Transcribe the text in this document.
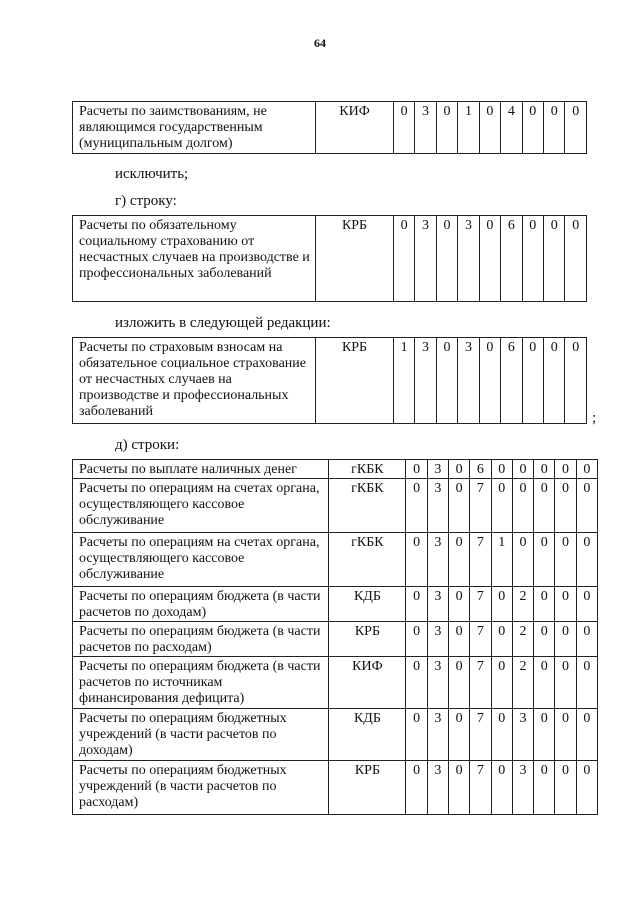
64
Расчеты по заимствованиям, не являющимся государственным (муниципальным долгом)	КИФ	0	3	0	1	0	4	0	0	0
исключить;
г) строку:
Расчеты по обязательному социальному страхованию от несчастных случаев на производстве и профессиональных заболеваний	КРБ	0	3	0	3	0	6	0	0	0
изложить в следующей редакции:
Расчеты по страховым взносам на обязательное социальное страхование от несчастных случаев на производстве и профессиональных заболеваний	КРБ	1	3	0	3	0	6	0	0	0
;
д) строки:
Расчеты по выплате наличных денег	гКБК	0	3	0	6	0	0	0	0	0
Расчеты по операциям на счетах органа, осуществляющего кассовое обслуживание	гКБК	0	3	0	7	0	0	0	0	0
Расчеты по операциям на счетах органа, осуществляющего кассовое обслуживание	гКБК	0	3	0	7	1	0	0	0	0
Расчеты по операциям бюджета (в части расчетов по доходам)	КДБ	0	3	0	7	0	2	0	0	0
Расчеты по операциям бюджета (в части расчетов по расходам)	КРБ	0	3	0	7	0	2	0	0	0
Расчеты по операциям бюджета (в части расчетов по источникам финансирования дефицита)	КИФ	0	3	0	7	0	2	0	0	0
Расчеты по операциям бюджетных учреждений (в части расчетов по доходам)	КДБ	0	3	0	7	0	3	0	0	0
Расчеты по операциям бюджетных учреждений (в части расчетов по расходам)	КРБ	0	3	0	7	0	3	0	0	0
